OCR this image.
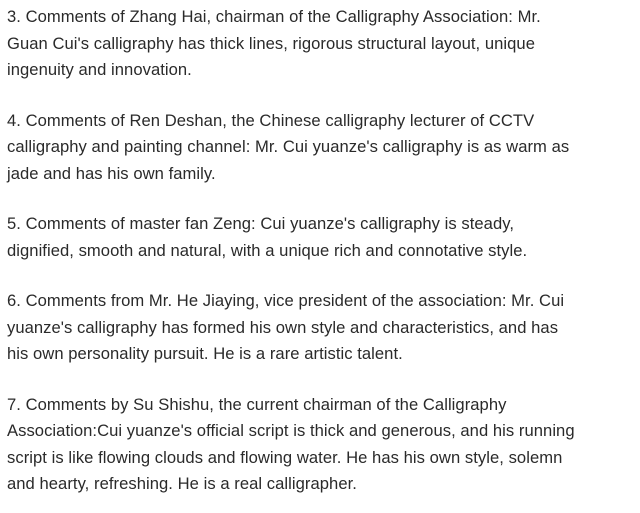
3. Comments of Zhang Hai, chairman of the Calligraphy Association: Mr.
Guan Cui's calligraphy has thick lines, rigorous structural layout, unique
ingenuity and innovation.

4. Comments of Ren Deshan, the Chinese calligraphy lecturer of CCTV
calligraphy and painting channel: Mr. Cui yuanze's calligraphy is as warm as
jade and has his own family.

5. Comments of master fan Zeng: Cui yuanze's calligraphy is steady,
dignified, smooth and natural, with a unique rich and connotative style.

6. Comments from Mr. He Jiaying, vice president of the association: Mr. Cui
yuanze's calligraphy has formed his own style and characteristics, and has
his own personality pursuit. He is a rare artistic talent.

7. Comments by Su Shishu, the current chairman of the Calligraphy
Association:Cui yuanze's official script is thick and generous, and his running
script is like flowing clouds and flowing water. He has his own style, solemn
and hearty, refreshing. He is a real calligrapher.
